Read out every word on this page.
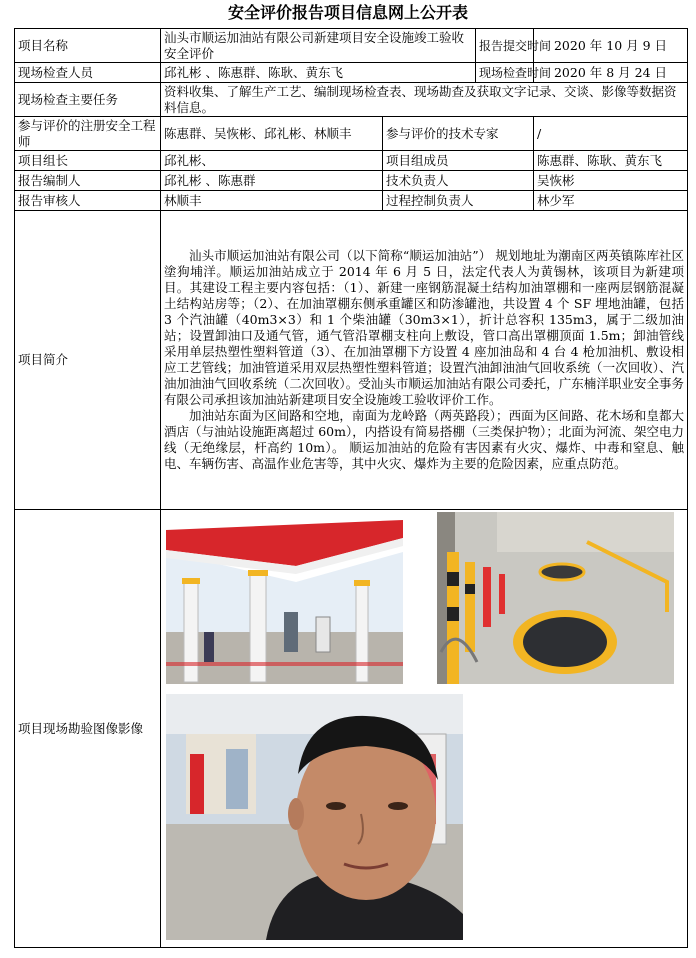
安全评价报告项目信息网上公开表
项目名称	汕头市顺运加油站有限公司新建项目安全设施竣工验收安全评价		报告提交时间	2020 年 10 月 9 日
现场检查人员	邱礼彬 、陈惠群、陈耿、黄东飞		现场检查时间	2020 年 8 月 24 日
现场检查主要任务	资料收集、了解生产工艺、编制现场检查表、现场勘查及获取文字记录、交谈、影像等数据资料信息。			
参与评价的注册安全工程师	陈惠群、吴恢彬、邱礼彬、林顺丰	参与评价的技术专家		/
项目组长	邱礼彬、	项目组成员		陈惠群、陈耿、黄东飞
报告编制人	邱礼彬 、陈惠群	技术负责人		吴恢彬
报告审核人	林顺丰	过程控制负责人		林少军
项目简介	汕头市顺运加油站有限公司（以下简称“顺运加油站”） 规划地址为潮南区两英镇陈库社区塗狗埔洋。顺运加油站成立于 2014 年 6 月 5 日，法定代表人为黄锡林，该项目为新建项目。其建设工程主要内容包括：（1）、新建一座钢筋混凝土结构加油罩棚和一座两层钢筋混凝土结构站房等；（2）、在加油罩棚东侧承重罐区和防渗罐池，共设置 4 个 SF 埋地油罐，包括 3 个汽油罐（40m3×3）和 1 个柴油罐（30m3×1），折计总容积 135m3，属于二级加油站；设置卸油口及通气管，通气管沿罩棚支柱向上敷设，管口高出罩棚顶面 1.5m；卸油管线采用单层热塑性塑料管道（3）、在加油罩棚下方设置 4 座加油岛和 4 台 4 枪加油机、敷设相应工艺管线；加油管道采用双层热塑性塑料管道；设置汽油卸油油气回收系统（一次回收）、汽油加油油气回收系统（二次回收）。受汕头市顺运加油站有限公司委托，广东楠洋职业安全事务有限公司承担该加油站新建项目安全设施竣工验收评价工作。

加油站东面为区间路和空地，南面为龙岭路（两英路段）；西面为区间路、花木场和皇都大酒店（与油站设施距离超过 60m），内搭设有简易搭棚（三类保护物）；北面为河流、架空电力线（无绝缘层，杆高约 10m）。 顺运加油站的危险有害因素有火灾、爆炸、中毒和窒息、触电、车辆伤害、高温作业危害等，其中火灾、爆炸为主要的危险因素，应重点防范。			

项目现场勘验图像影像	
